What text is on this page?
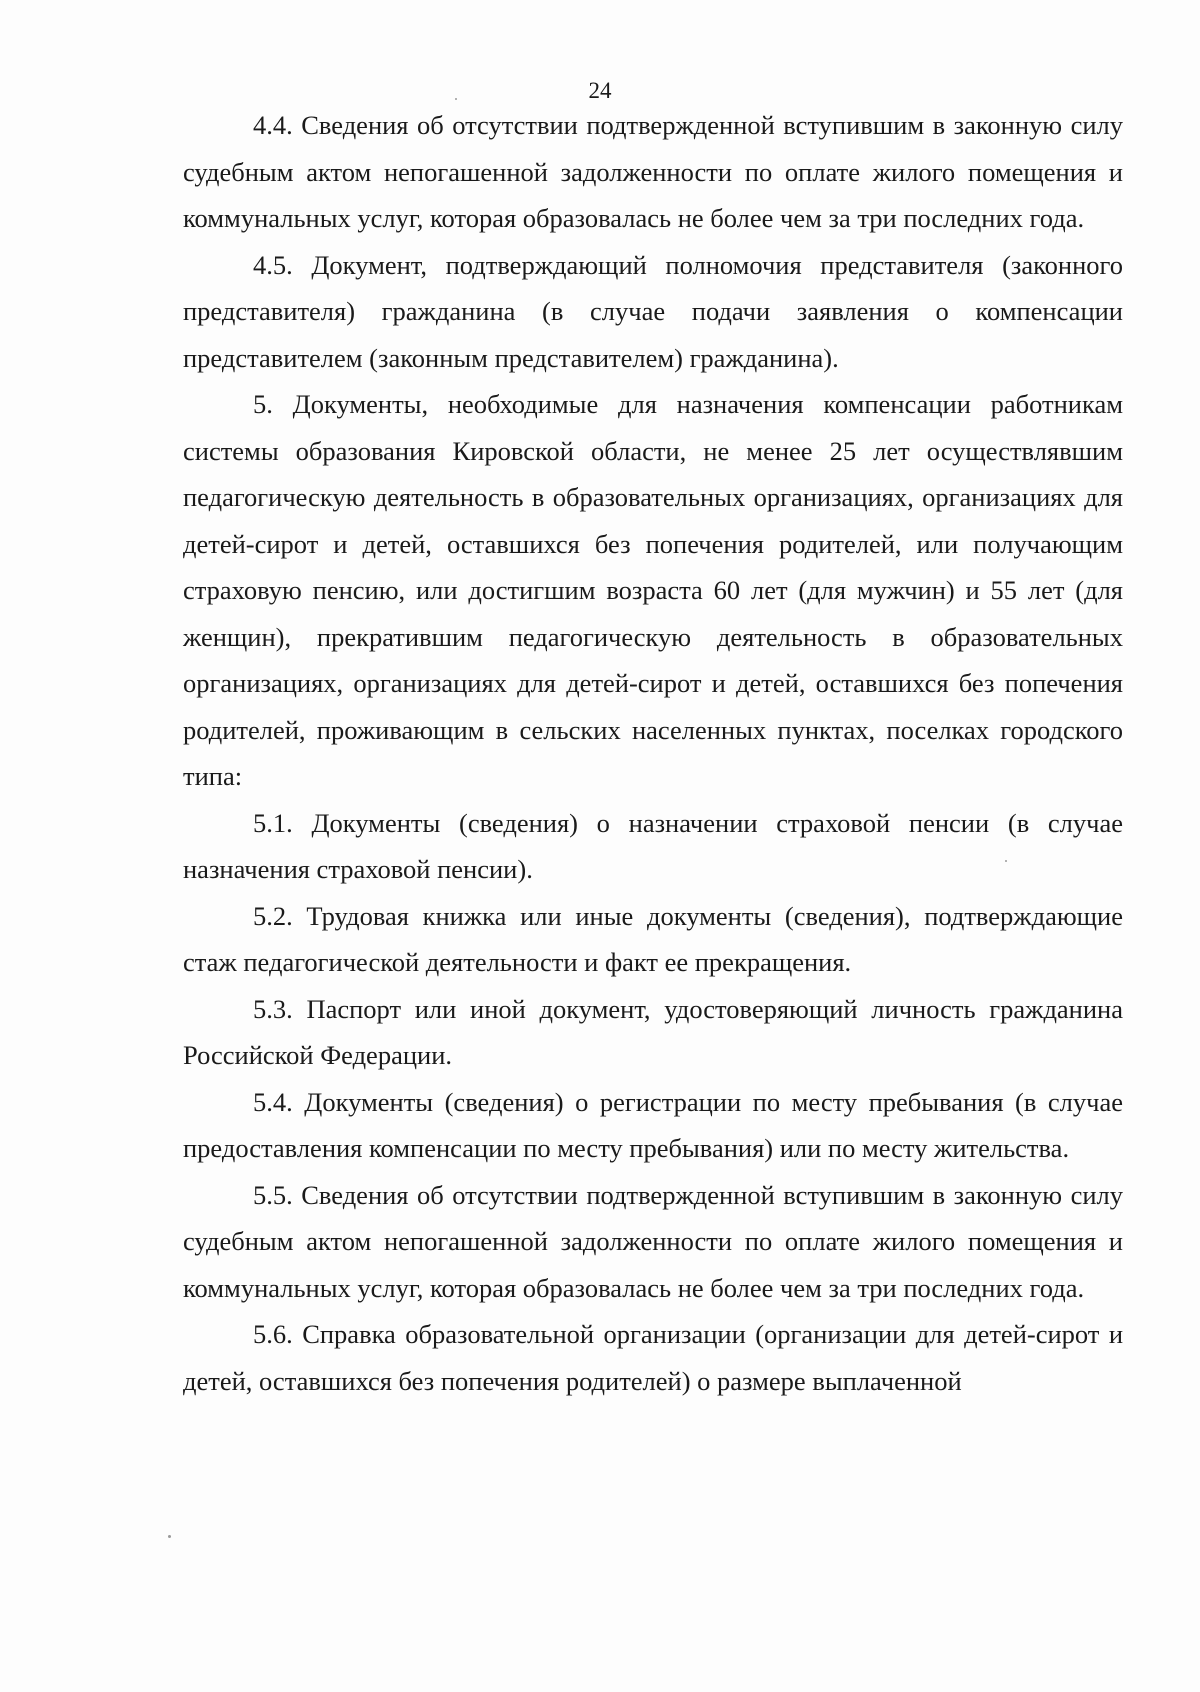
24

4.4. Сведения об отсутствии подтвержденной вступившим в законную силу судебным актом непогашенной задолженности по оплате жилого помещения и коммунальных услуг, которая образовалась не более чем за три последних года.

4.5. Документ, подтверждающий полномочия представителя (законного представителя) гражданина (в случае подачи заявления о компенсации представителем (законным представителем) гражданина).

5. Документы, необходимые для назначения компенсации работникам системы образования Кировской области, не менее 25 лет осуществлявшим педагогическую деятельность в образовательных организациях, организациях для детей-сирот и детей, оставшихся без попечения родителей, или получающим страховую пенсию, или достигшим возраста 60 лет (для мужчин) и 55 лет (для женщин), прекратившим педагогическую деятельность в образовательных организациях, организациях для детей-сирот и детей, оставшихся без попечения родителей, проживающим в сельских населенных пунктах, поселках городского типа:

5.1. Документы (сведения) о назначении страховой пенсии (в случае назначения страховой пенсии).

5.2. Трудовая книжка или иные документы (сведения), подтверждающие стаж педагогической деятельности и факт ее прекращения.

5.3. Паспорт или иной документ, удостоверяющий личность гражданина Российской Федерации.

5.4. Документы (сведения) о регистрации по месту пребывания (в случае предоставления компенсации по месту пребывания) или по месту жительства.

5.5. Сведения об отсутствии подтвержденной вступившим в законную силу судебным актом непогашенной задолженности по оплате жилого помещения и коммунальных услуг, которая образовалась не более чем за три последних года.

5.6. Справка образовательной организации (организации для детей-сирот и детей, оставшихся без попечения родителей) о размере выплаченной
